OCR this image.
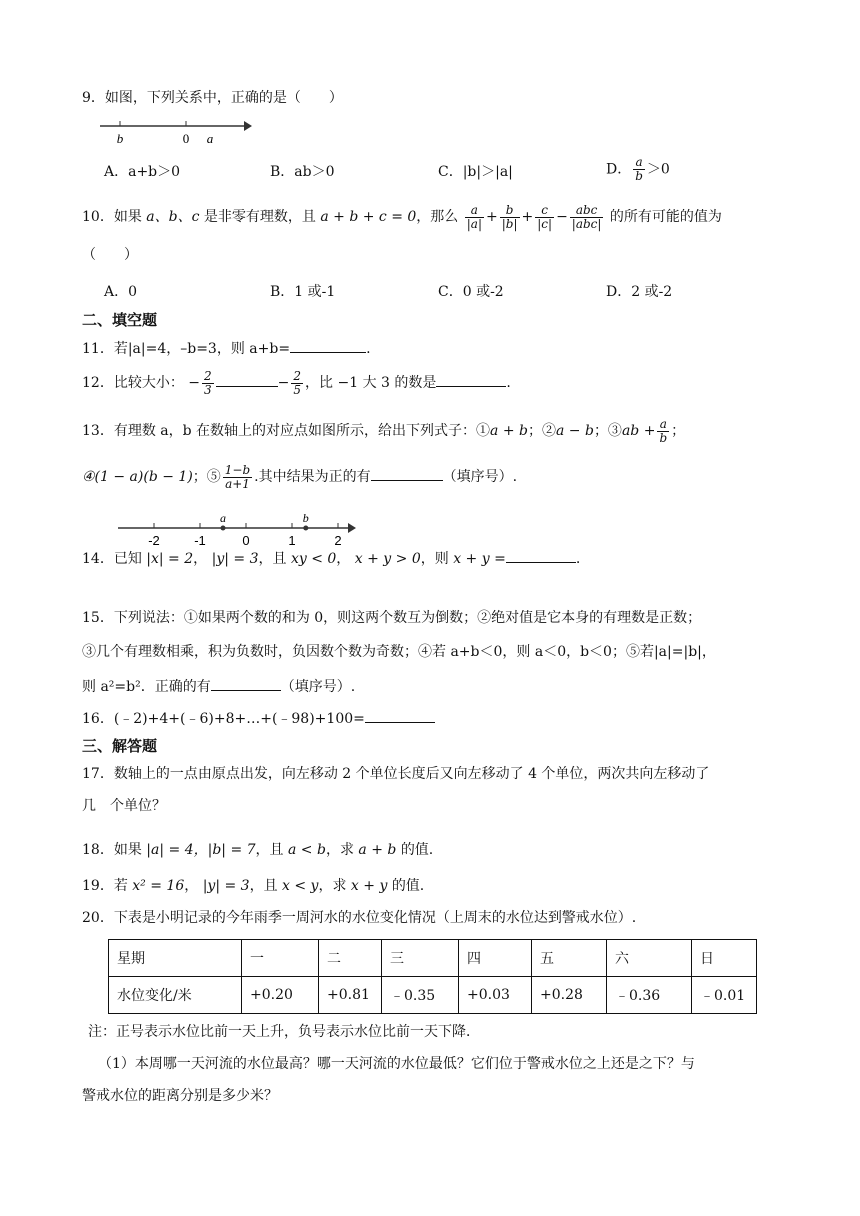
9．如图，下列关系中，正确的是（　　）
b	0 a
A．a+b＞0	B．ab＞0	C．|b|＞|a|	D． $\frac{a}{b} >0$
10．如果 a、b、c 是非零有理数，且 a + b + c = 0，那么 $\frac{a}{|a|} + \frac{b}{|b|} + \frac{c}{|c|} - \frac{\text{abc}}{\text{|abc|}}$ 的所有可能的值为
（　　）
A．0	B．1 或-1	C．0 或-2	D．2 或-2
二、填空题
11．若|a|=4，–b=3，则 a+b=	.
12．比较大小： − $\frac{2}{3}$	− $\frac{2}{5}$ ，比 −1 大 3 的数是	.
13．有理数 a，b 在数轴上的对应点如图所示，给出下列式子：①a + b；②a − b；③ab + $\frac{a}{b}$ ；
④(1 − a)(b − 1)；⑤ $\frac{1-b}{a+1}$ .其中结果为正的有	（填序号）.
-2	-1	0	1	2
a	b
14．已知 |x| = 2， |y| = 3，且 xy < 0， x + y > 0，则 x + y =	.
15．下列说法：①如果两个数的和为 0，则这两个数互为倒数；②绝对值是它本身的有理数是正数；
③几个有理数相乘，积为负数时，负因数个数为奇数；④若 a+b＜0，则 a＜0，b＜0；⑤若|a|=|b|，
则 a²=b²．正确的有	（填序号）.
16．(﹣2)+4+(﹣6)+8+…+(﹣98)+100=
三、解答题
17．数轴上的一点由原点出发，向左移动 2 个单位长度后又向左移动了 4 个单位，两次共向左移动了
几　个单位？
18．如果 |a| = 4，|b| = 7，且 a < b，求 a + b 的值.
19．若 x² = 16， |y| = 3，且 x < y，求 x + y 的值.
20．下表是小明记录的今年雨季一周河水的水位变化情况（上周末的水位达到警戒水位）.
星期	一	二	三	四	五	六	日
水位变化/米	+0.20	+0.81	﹣0.35	+0.03	+0.28	﹣0.36	﹣0.01
注：正号表示水位比前一天上升，负号表示水位比前一天下降．
（1）本周哪一天河流的水位最高？哪一天河流的水位最低？它们位于警戒水位之上还是之下？与
警戒水位的距离分别是多少米？
